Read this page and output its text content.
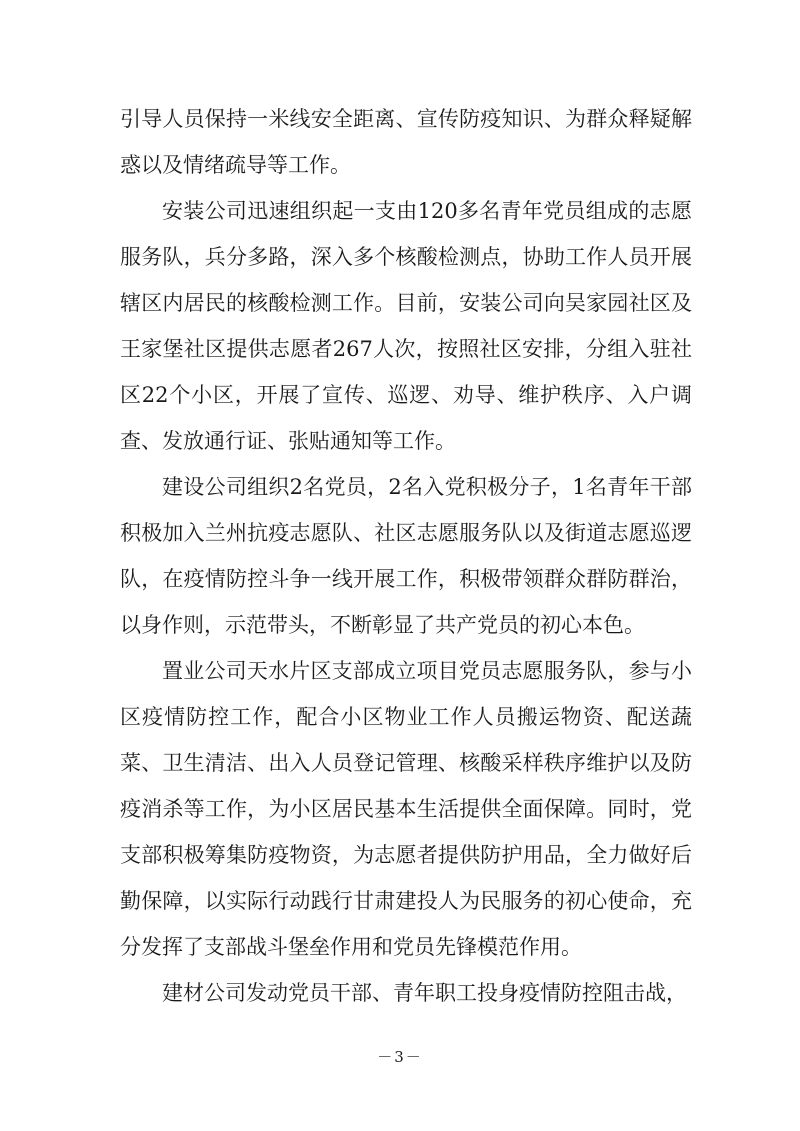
引导人员保持一米线安全距离、宣传防疫知识、为群众释疑解惑以及情绪疏导等工作。

安装公司迅速组织起一支由120多名青年党员组成的志愿服务队，兵分多路，深入多个核酸检测点，协助工作人员开展辖区内居民的核酸检测工作。目前，安装公司向吴家园社区及王家堡社区提供志愿者267人次，按照社区安排，分组入驻社区22个小区，开展了宣传、巡逻、劝导、维护秩序、入户调查、发放通行证、张贴通知等工作。

建设公司组织2名党员，2名入党积极分子，1名青年干部积极加入兰州抗疫志愿队、社区志愿服务队以及街道志愿巡逻队，在疫情防控斗争一线开展工作，积极带领群众群防群治，以身作则，示范带头，不断彰显了共产党员的初心本色。

置业公司天水片区支部成立项目党员志愿服务队，参与小区疫情防控工作，配合小区物业工作人员搬运物资、配送蔬菜、卫生清洁、出入人员登记管理、核酸采样秩序维护以及防疫消杀等工作，为小区居民基本生活提供全面保障。同时，党支部积极筹集防疫物资，为志愿者提供防护用品，全力做好后勤保障，以实际行动践行甘肃建投人为民服务的初心使命，充分发挥了支部战斗堡垒作用和党员先锋模范作用。

建材公司发动党员干部、青年职工投身疫情防控阻击战，

－3－
